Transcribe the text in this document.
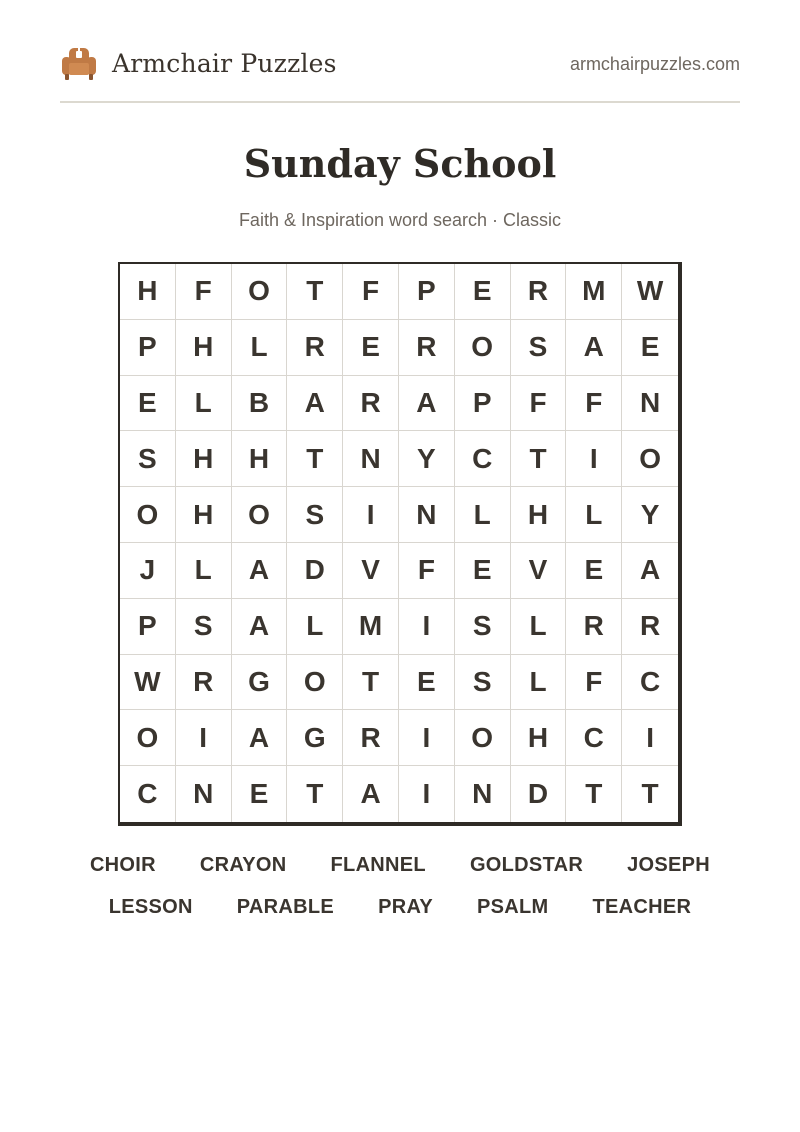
Armchair Puzzles	armchairpuzzles.com
Sunday School
Faith & Inspiration word search · Classic
H	F	O	T	F	P	E	R	M	W
P	H	L	R	E	R	O	S	A	E
E	L	B	A	R	A	P	F	F	N
S	H	H	T	N	Y	C	T	I	O
O	H	O	S	I	N	L	H	L	Y
J	L	A	D	V	F	E	V	E	A
P	S	A	L	M	I	S	L	R	R
W	R	G	O	T	E	S	L	F	C
O	I	A	G	R	I	O	H	C	I
C	N	E	T	A	I	N	D	T	T
CHOIR CRAYON FLANNEL GOLDSTAR JOSEPH
LESSON PARABLE PRAY PSALM TEACHER
